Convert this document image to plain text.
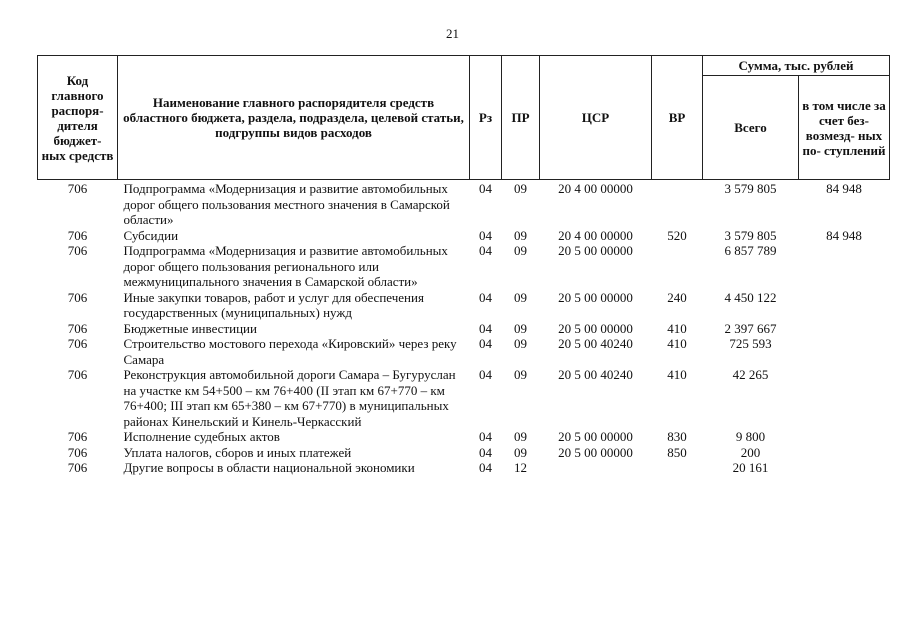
21
Код главного распоря- дителя бюджет- ных средств	Наименование главного распорядителя средств областного бюджета, раздела, подраздела, целевой статьи, подгруппы видов расходов	Рз	ПР	ЦСР	ВР	Сумма, тыс. рублей	
						Всего	в том числе за счет без- возмезд- ных по- ступлений
706	Подпрограмма «Модернизация и развитие автомобильных дорог общего пользования местного значения в Самарской области»	04	09	20 4 00 00000		3 579 805	84 948
706	Субсидии	04	09	20 4 00 00000	520	3 579 805	84 948
706	Подпрограмма «Модернизация и развитие автомобильных дорог общего пользования регионального или межмуниципального значения в Самарской области»	04	09	20 5 00 00000		6 857 789	
706	Иные закупки товаров, работ и услуг для обеспечения государственных (муниципальных) нужд	04	09	20 5 00 00000	240	4 450 122	
706	Бюджетные инвестиции	04	09	20 5 00 00000	410	2 397 667	
706	Строительство мостового перехода «Кировский» через реку Самара	04	09	20 5 00 40240	410	725 593	
706	Реконструкция автомобильной дороги Самара – Бугуруслан на участке км 54+500 – км 76+400 (II этап км 67+770 – км 76+400; III этап км 65+380 – км 67+770) в муниципальных районах Кинельский и Кинель-Черкасский	04	09	20 5 00 40240	410	42 265	
706	Исполнение судебных актов	04	09	20 5 00 00000	830	9 800	
706	Уплата налогов, сборов и иных платежей	04	09	20 5 00 00000	850	200	
706	Другие вопросы в области национальной экономики	04	12			20 161	
